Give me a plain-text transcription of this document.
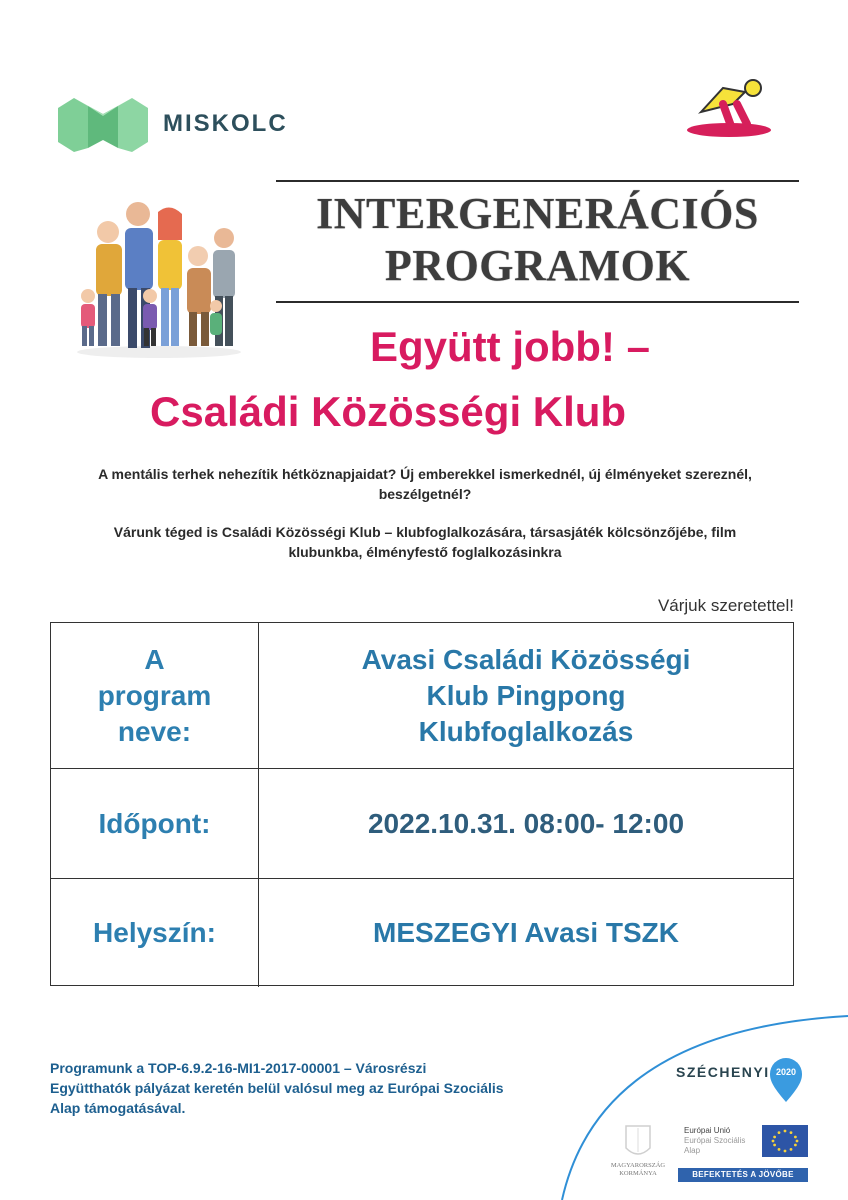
MISKOLC
INTERGENERÁCIÓS
PROGRAMOK
Együtt jobb! –
Családi Közösségi Klub
A mentális terhek nehezítik hétköznapjaidat? Új emberekkel ismerkednél, új élményeket szereznél, beszélgetnél?
Várunk téged is Családi Közösségi Klub – klubfoglalkozására, társasjáték kölcsönzőjébe, film klubunkba, élményfestő foglalkozásinkra
Várjuk szeretettel!
A program neve:
Avasi Családi Közösségi Klub Pingpong Klubfoglalkozás
Időpont:	2022.10.31. 08:00- 12:00
Helyszín:	MESZEGYI Avasi TSZK
Programunk a TOP-6.9.2-16-MI1-2017-00001 – Városrészi Együtthatók pályázat keretén belül valósul meg az Európai Szociális Alap támogatásával.
SZÉCHENYI 2020
MAGYARORSZÁG KORMÁNYA
Európai Unió
Európai Szociális
Alap
BEFEKTETÉS A JÖVŐBE
